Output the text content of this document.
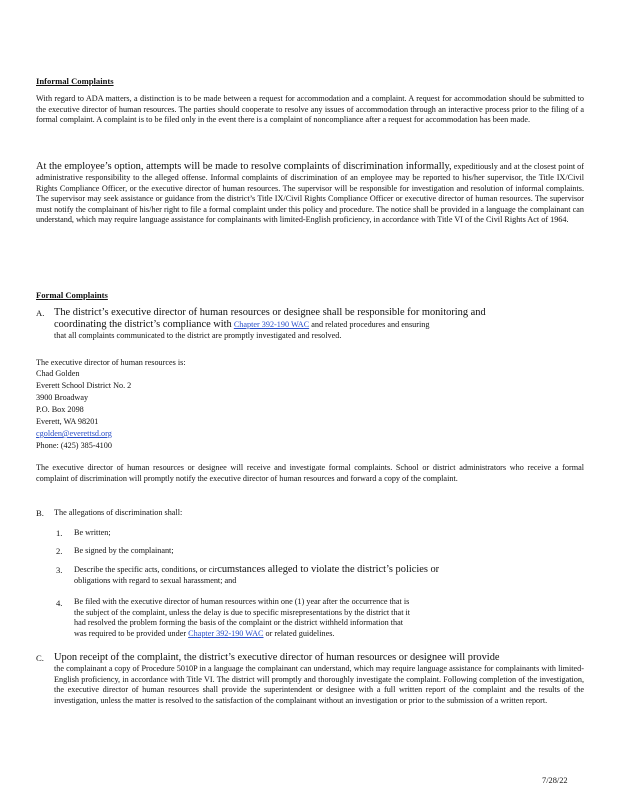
Informal Complaints
With regard to ADA matters, a distinction is to be made between a request for accommodation and a complaint. A request for accommodation should be submitted to the executive director of human resources. The parties should cooperate to resolve any issues of accommodation through an interactive process prior to the filing of a formal complaint. A complaint is to be filed only in the event there is a complaint of noncompliance after a request for accommodation has been made.
At the employee’s option, attempts will be made to resolve complaints of discrimination informally, expeditiously and at the closest point of administrative responsibility to the alleged offense. Informal complaints of discrimination of an employee may be reported to his/her supervisor, the Title IX/Civil Rights Compliance Officer, or the executive director of human resources. The supervisor will be responsible for investigation and resolution of informal complaints. The supervisor may seek assistance or guidance from the district’s Title IX/Civil Rights Compliance Officer or executive director of human resources. The supervisor must notify the complainant of his/her right to file a formal complaint under this policy and procedure. The notice shall be provided in a language the complainant can understand, which may require language assistance for complainants with limited-English proficiency, in accordance with Title VI of the Civil Rights Act of 1964.
Formal Complaints
A. The district’s executive director of human resources or designee shall be responsible for monitoring and
coordinating the district’s compliance with Chapter 392-190 WAC and related procedures and ensuring
that all complaints communicated to the district are promptly investigated and resolved.
The executive director of human resources is:
Chad Golden
Everett School District No. 2
3900 Broadway
P.O. Box 2098
Everett, WA 98201
cgolden@everettsd.org
Phone: (425) 385-4100
The executive director of human resources or designee will receive and investigate formal complaints. School or district administrators who receive a formal complaint of discrimination will promptly notify the executive director of human resources and forward a copy of the complaint.
B. The allegations of discrimination shall:
1. Be written;
2. Be signed by the complainant;
3. Describe the specific acts, conditions, or circumstances alleged to violate the district’s policies or
obligations with regard to sexual harassment; and
4. Be filed with the executive director of human resources within one (1) year after the occurrence that is
the subject of the complaint, unless the delay is due to specific misrepresentations by the district that it
had resolved the problem forming the basis of the complaint or the district withheld information that
was required to be provided under Chapter 392-190 WAC or related guidelines.
C. Upon receipt of the complaint, the district’s executive director of human resources or designee will provide
the complainant a copy of Procedure 5010P in a language the complainant can understand, which may require language assistance for complainants with limited-English proficiency, in accordance with Title VI. The district will promptly and thoroughly investigate the complaint. Following completion of the investigation, the executive director of human resources shall provide the superintendent or designee with a full written report of the complaint and the results of the investigation, unless the matter is resolved to the satisfaction of the complainant without an investigation or prior to the submission of a written report.
7/28/22
